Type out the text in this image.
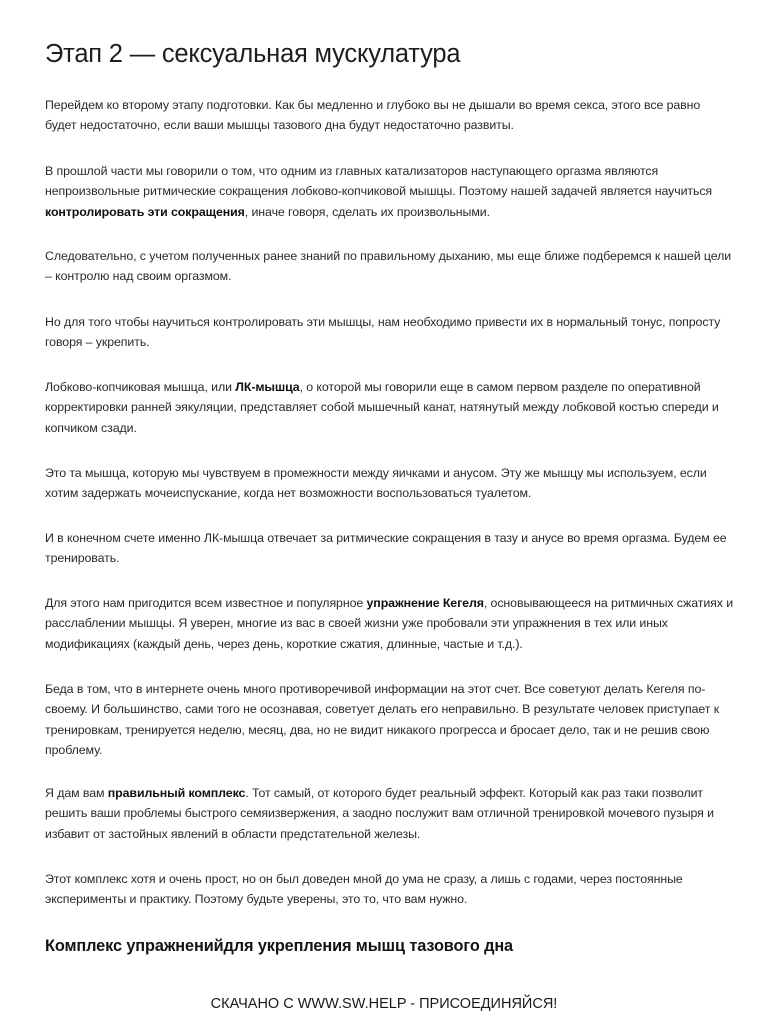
Этап 2 — сексуальная мускулатура

Перейдем ко второму этапу подготовки. Как бы медленно и глубоко вы не дышали во время секса, этого все равно будет недостаточно, если ваши мышцы тазового дна будут недостаточно развиты.

В прошлой части мы говорили о том, что одним из главных катализаторов наступающего оргазма являются непроизвольные ритмические сокращения лобково-копчиковой мышцы. Поэтому нашей задачей является научиться контролировать эти сокращения, иначе говоря, сделать их произвольными.

Следовательно, с учетом полученных ранее знаний по правильному дыханию, мы еще ближе подберемся к нашей цели – контролю над своим оргазмом.

Но для того чтобы научиться контролировать эти мышцы, нам необходимо привести их в нормальный тонус, попросту говоря – укрепить.

Лобково-копчиковая мышца, или ЛК-мышца, о которой мы говорили еще в самом первом разделе по оперативной корректировки ранней эякуляции, представляет собой мышечный канат, натянутый между лобковой костью спереди и копчиком сзади.

Это та мышца, которую мы чувствуем в промежности между яичками и анусом. Эту же мышцу мы используем, если хотим задержать мочеиспускание, когда нет возможности воспользоваться туалетом.

И в конечном счете именно ЛК-мышца отвечает за ритмические сокращения в тазу и анусе во время оргазма. Будем ее тренировать.

Для этого нам пригодится всем известное и популярное упражнение Кегеля, основывающееся на ритмичных сжатиях и расслаблении мышцы. Я уверен, многие из вас в своей жизни уже пробовали эти упражнения в тех или иных модификациях (каждый день, через день, короткие сжатия, длинные, частые и т.д.).

Беда в том, что в интернете очень много противоречивой информации на этот счет. Все советуют делать Кегеля по-своему. И большинство, сами того не осознавая, советует делать его неправильно. В результате человек приступает к тренировкам, тренируется неделю, месяц, два, но не видит никакого прогресса и бросает дело, так и не решив свою проблему.

Я дам вам правильный комплекс. Тот самый, от которого будет реальный эффект. Который как раз таки позволит решить ваши проблемы быстрого семяизвержения, а заодно послужит вам отличной тренировкой мочевого пузыря и избавит от застойных явлений в области предстательной железы.

Этот комплекс хотя и очень прост, но он был доведен мной до ума не сразу, а лишь с годами, через постоянные эксперименты и практику. Поэтому будьте уверены, это то, что вам нужно.

Комплекс упражненийдля укрепления мышц тазового дна
СКАЧАНО С WWW.SW.HELP - ПРИСОЕДИНЯЙСЯ!
